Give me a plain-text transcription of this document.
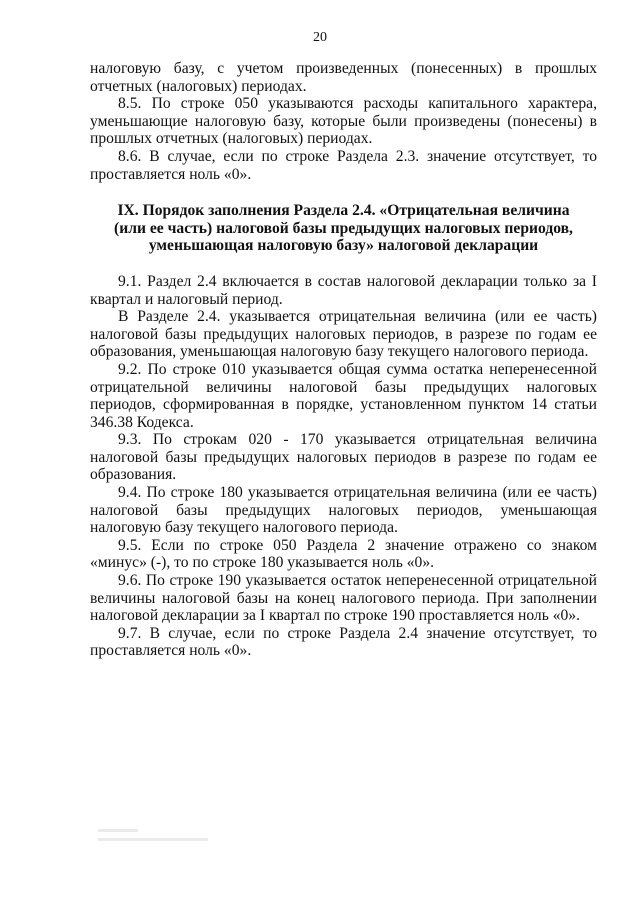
20

налоговую базу, с учетом произведенных (понесенных) в прошлых отчетных (налоговых) периодах.

8.5. По строке 050 указываются расходы капитального характера, уменьшающие налоговую базу, которые были произведены (понесены) в прошлых отчетных (налоговых) периодах.

8.6. В случае, если по строке Раздела 2.3. значение отсутствует, то проставляется ноль «0».

IX. Порядок заполнения Раздела 2.4. «Отрицательная величина (или ее часть) налоговой базы предыдущих налоговых периодов, уменьшающая налоговую базу» налоговой декларации

9.1. Раздел 2.4 включается в состав налоговой декларации только за I квартал и налоговый период.

В Разделе 2.4. указывается отрицательная величина (или ее часть) налоговой базы предыдущих налоговых периодов, в разрезе по годам ее образования, уменьшающая налоговую базу текущего налогового периода.

9.2. По строке 010 указывается общая сумма остатка неперенесенной отрицательной величины налоговой базы предыдущих налоговых периодов, сформированная в порядке, установленном пунктом 14 статьи 346.38 Кодекса.

9.3. По строкам 020 - 170 указывается отрицательная величина налоговой базы предыдущих налоговых периодов в разрезе по годам ее образования.

9.4. По строке 180 указывается отрицательная величина (или ее часть) налоговой базы предыдущих налоговых периодов, уменьшающая налоговую базу текущего налогового периода.

9.5. Если по строке 050 Раздела 2 значение отражено со знаком «минус» (-), то по строке 180 указывается ноль «0».

9.6. По строке 190 указывается остаток неперенесенной отрицательной величины налоговой базы на конец налогового периода. При заполнении налоговой декларации за I квартал по строке 190 проставляется ноль «0».

9.7. В случае, если по строке Раздела 2.4 значение отсутствует, то проставляется ноль «0».
